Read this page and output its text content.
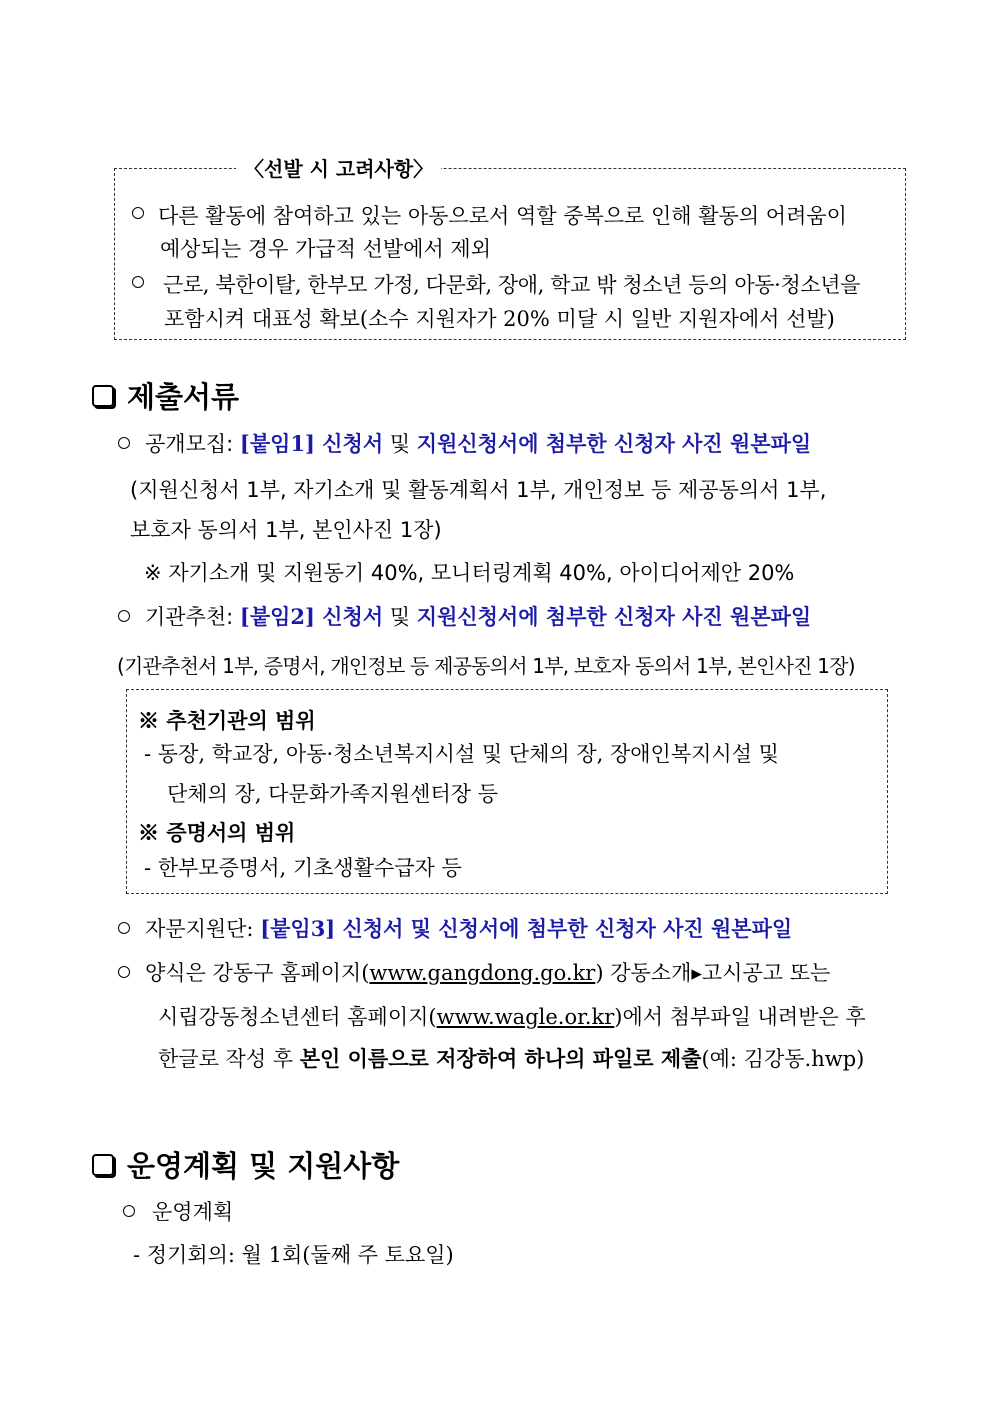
〈선발 시 고려사항〉
다른 활동에 참여하고 있는 아동으로서 역할 중복으로 인해 활동의 어려움이
예상되는 경우 가급적 선발에서 제외
근로, 북한이탈, 한부모 가정, 다문화, 장애, 학교 밖 청소년 등의 아동·청소년을
포함시켜 대표성 확보(소수 지원자가 20% 미달 시 일반 지원자에서 선발)
제출서류
공개모집: [붙임1] 신청서 및 지원신청서에 첨부한 신청자 사진 원본파일
(지원신청서 1부, 자기소개 및 활동계획서 1부, 개인정보 등 제공동의서 1부,
보호자 동의서 1부, 본인사진 1장)
※ 자기소개 및 지원동기 40%, 모니터링계획 40%, 아이디어제안 20%
기관추천: [붙임2] 신청서 및 지원신청서에 첨부한 신청자 사진 원본파일
(기관추천서 1부, 증명서, 개인정보 등 제공동의서 1부, 보호자 동의서 1부, 본인사진 1장)
※ 추천기관의 범위
- 동장, 학교장, 아동·청소년복지시설 및 단체의 장, 장애인복지시설 및
단체의 장, 다문화가족지원센터장 등
※ 증명서의 범위
- 한부모증명서, 기초생활수급자 등
자문지원단: [붙임3] 신청서 및 신청서에 첨부한 신청자 사진 원본파일
양식은 강동구 홈페이지(www.gangdong.go.kr) 강동소개▸고시공고 또는
시립강동청소년센터 홈페이지(www.wagle.or.kr)에서 첨부파일 내려받은 후
한글로 작성 후 본인 이름으로 저장하여 하나의 파일로 제출(예: 김강동.hwp)
운영계획 및 지원사항
운영계획
- 정기회의: 월 1회(둘째 주 토요일)
